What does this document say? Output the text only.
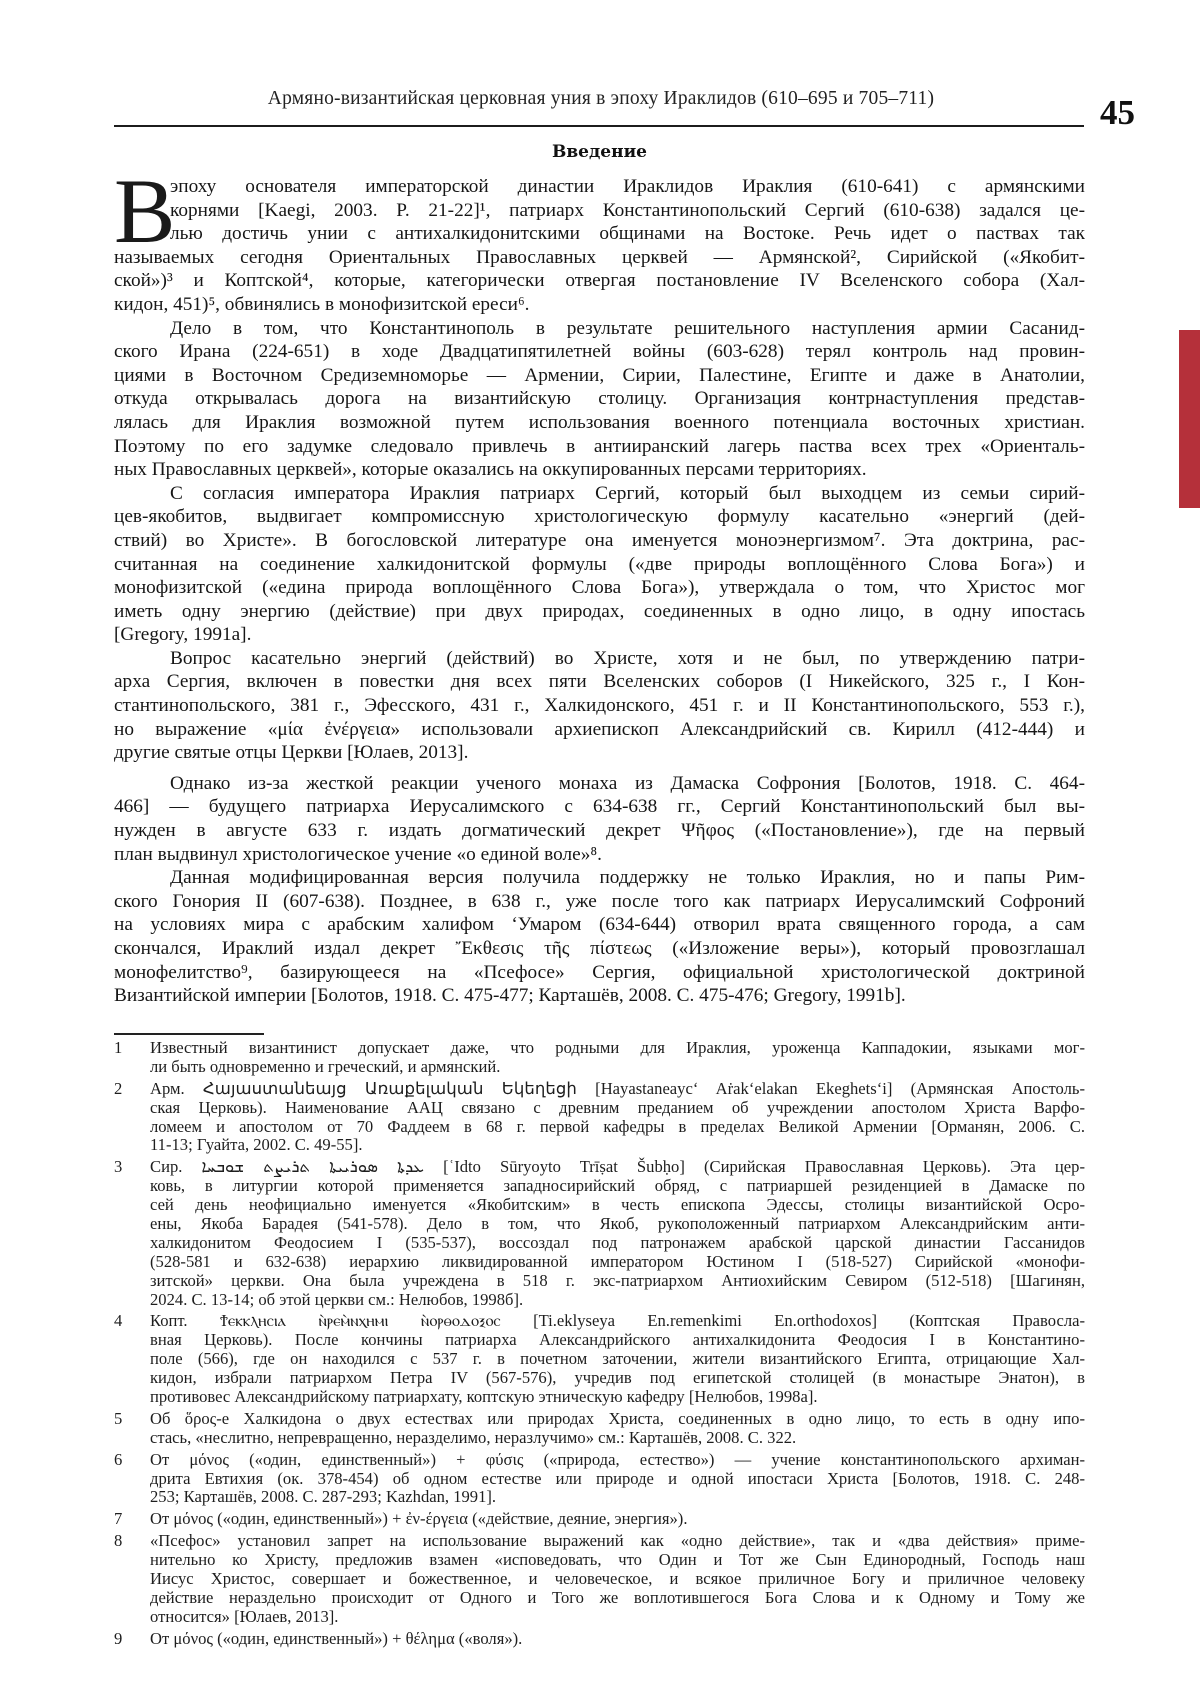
Армяно-византийская церковная уния в эпоху Ираклидов (610–695 и 705–711)	45
Введение
В
эпоху основателя императорской династии Ираклидов Ираклия (610-641) с армянскими
корнями [Kaegi, 2003. P. 21-22]¹, патриарх Константинопольский Сергий (610-638) задался це-
лью достичь унии с антихалкидонитскими общинами на Востоке. Речь идет о паствах так
называемых сегодня Ориентальных Православных церквей — Армянской², Сирийской («Якобит-
ской»)³ и Коптской⁴, которые, категорически отвергая постановление IV Вселенского собора (Хал-
кидон, 451)⁵, обвинялись в монофизитской ереси⁶.
Дело в том, что Константинополь в результате решительного наступления армии Сасанид-
ского Ирана (224-651) в ходе Двадцатипятилетней войны (603-628) терял контроль над провин-
циями в Восточном Средиземноморье — Армении, Сирии, Палестине, Египте и даже в Анатолии,
откуда открывалась дорога на византийскую столицу. Организация контрнаступления представ-
лялась для Ираклия возможной путем использования военного потенциала восточных христиан.
Поэтому по его задумке следовало привлечь в антииранский лагерь паства всех трех «Ориенталь-
ных Православных церквей», которые оказались на оккупированных персами территориях.
С согласия императора Ираклия патриарх Сергий, который был выходцем из семьи сирий-
цев-якобитов, выдвигает компромиссную христологическую формулу касательно «энергий (дей-
ствий) во Христе». В богословской литературе она именуется моноэнергизмом⁷. Эта доктрина, рас-
считанная на соединение халкидонитской формулы («две природы воплощённого Слова Бога») и
монофизитской («едина природа воплощённого Слова Бога»), утверждала о том, что Христос мог
иметь одну энергию (действие) при двух природах, соединенных в одно лицо, в одну ипостась
[Gregory, 1991a].
Вопрос касательно энергий (действий) во Христе, хотя и не был, по утверждению патри-
арха Сергия, включен в повестки дня всех пяти Вселенских соборов (I Никейского, 325 г., I Кон-
стантинопольского, 381 г., Эфесского, 431 г., Халкидонского, 451 г. и II Константинопольского, 553 г.),
но выражение «μία ἐνέργεια» использовали архиепископ Александрийский св. Кирилл (412-444) и
другие святые отцы Церкви [Юлаев, 2013].
Однако из-за жесткой реакции ученого монаха из Дамаска Софрония [Болотов, 1918. С. 464-
466] — будущего патриарха Иерусалимского с 634-638 гг., Сергий Константинопольский был вы-
нужден в августе 633 г. издать догматический декрет Ψῆφος («Постановление»), где на первый
план выдвинул христологическое учение «о единой воле»⁸.
Данная модифицированная версия получила поддержку не только Ираклия, но и папы Рим-
ского Гонория II (607-638). Позднее, в 638 г., уже после того как патриарх Иерусалимский Софроний
на условиях мира с арабским халифом ‘Умаром (634-644) отворил врата священного города, а сам
скончался, Ираклий издал декрет Ἔκθεσις τῆς πίστεως («Изложение веры»), который провозглашал
монофелитство⁹, базирующееся на «Псефосе» Сергия, официальной христологической доктриной
Византийской империи [Болотов, 1918. С. 475-477; Карташёв, 2008. С. 475-476; Gregory, 1991b].
1 Известный византинист допускает даже, что родными для Ираклия, уроженца Каппадокии, языками мог-
ли быть одновременно и греческий, и армянский.
2 Арм. Հայաստանեայց Առաքելական Եկեղեցի [Hayastaneayc‘ Aṙak‘elakan Ekeghets‘i] (Армянская Апостоль-
ская Церковь). Наименование ААЦ связано с древним преданием об учреждении апостолом Христа Варфо-
ломеем и апостолом от 70 Фаддеем в 68 г. первой кафедры в пределах Великой Армении [Орманян, 2006. С.
11-13; Гуайта, 2002. С. 49-55].
3 Сир. ܥܕܬܐ ܣܘܪܝܝܬܐ ܬܪܝܨܬ ܫܘܒܚܐ [ʿIdto Sūryoyto Trīṣat Šubḥo] (Сирийская Православная Церковь). Эта цер-
ковь, в литургии которой применяется западносирийский обряд, с патриаршей резиденцией в Дамаске по
сей день неофициально именуется «Якобитским» в честь епископа Эдессы, столицы византийской Осро-
ены, Якоба Барадея (541-578). Дело в том, что Якоб, рукоположенный патриархом Александрийским анти-
халкидонитом Феодосием I (535-537), воссоздал под патронажем арабской царской династии Гассанидов
(528-581 и 632-638) иерархию ликвидированной императором Юстином I (518-527) Сирийской «монофи-
зитской» церкви. Она была учреждена в 518 г. экс-патриархом Антиохийским Севиром (512-518) [Шагинян,
2024. С. 13-14; об этой церкви см.: Нелюбов, 1998б].
4 Копт. Ϯⲉⲕⲕⲗⲏⲥⲓⲁ ⲛ̀ⲣⲉⲙ̀ⲛⲭⲏⲙⲓ ⲛ̀ⲟⲣⲑⲟⲇⲟⲝⲟⲥ [Ti.eklyseya En.remenkimi En.orthodoxos] (Коптская Правосла-
вная Церковь). После кончины патриарха Александрийского антихалкидонита Феодосия I в Константино-
поле (566), где он находился с 537 г. в почетном заточении, жители византийского Египта, отрицающие Хал-
кидон, избрали патриархом Петра IV (567-576), учредив под египетской столицей (в монастыре Энатон), в
противовес Александрийскому патриархату, коптскую этническую кафедру [Нелюбов, 1998а].
5 Об ὅρος-е Халкидона о двух естествах или природах Христа, соединенных в одно лицо, то есть в одну ипо-
стась, «неслитно, непревращенно, неразделимо, неразлучимо» см.: Карташёв, 2008. С. 322.
6 От μόνος («один, единственный») + φύσις («природа, естество») — учение константинопольского архиман-
дрита Евтихия (ок. 378-454) об одном естестве или природе и одной ипостаси Христа [Болотов, 1918. С. 248-
253; Карташёв, 2008. С. 287-293; Kazhdan, 1991].
7 От μόνος («один, единственный») + ἐν-έργεια («действие, деяние, энергия»).
8 «Псефос» установил запрет на использование выражений как «одно действие», так и «два действия» приме-
нительно ко Христу, предложив взамен «исповедовать, что Один и Тот же Сын Единородный, Господь наш
Иисус Христос, совершает и божественное, и человеческое, и всякое приличное Богу и приличное человеку
действие нераздельно происходит от Одного и Того же воплотившегося Бога Слова и к Одному и Тому же
относится» [Юлаев, 2013].
9 От μόνος («один, единственный») + θέλημα («воля»).
